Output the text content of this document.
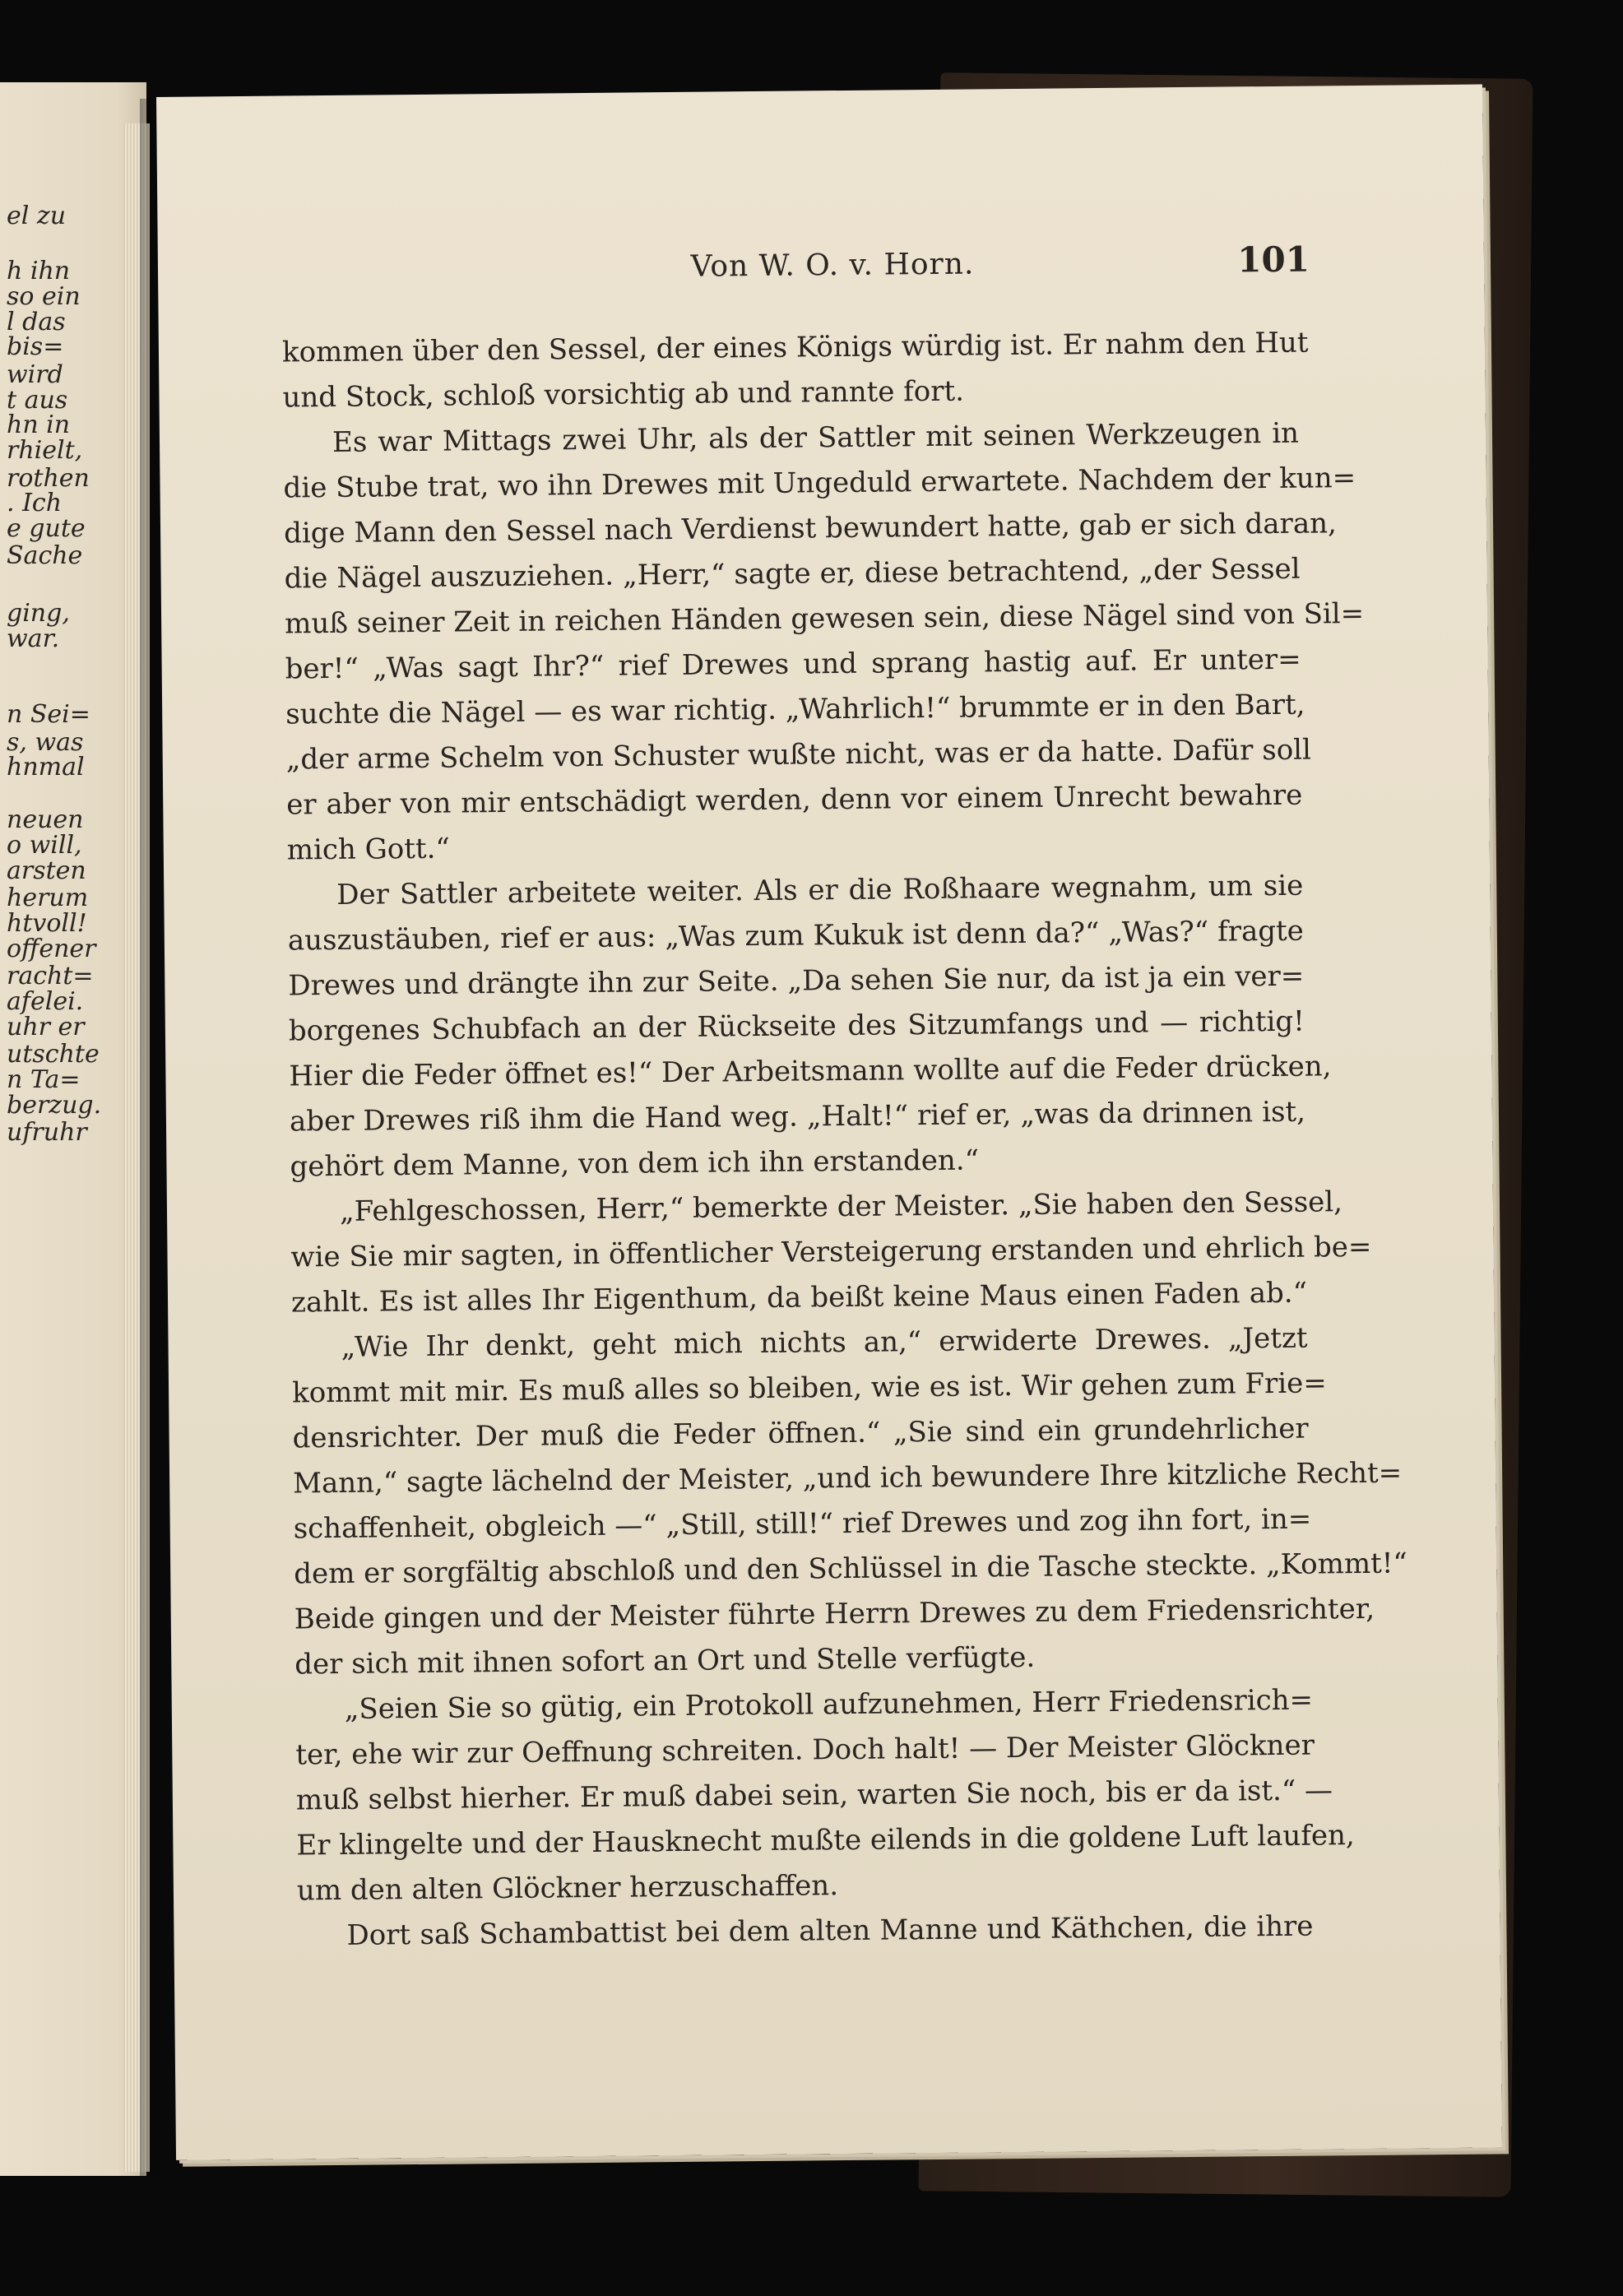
el zu
h ihn
so ein
l das
bis=
wird
t aus
hn in
rhielt,
rothen
. Ich
e gute
Sache
ging,
war.
n Sei=
s, was
hnmal
neuen
o will,
arsten
herum
htvoll!
offener
racht=
afelei.
uhr er
utschte
n Ta=
berzug.
ufruhr
Von W. O. v. Horn.	101
kommen über den Sessel, der eines Königs würdig ist. Er nahm den Hut
und Stock, schloß vorsichtig ab und rannte fort.
Es war Mittags zwei Uhr, als der Sattler mit seinen Werkzeugen in
die Stube trat, wo ihn Drewes mit Ungeduld erwartete. Nachdem der kun=
dige Mann den Sessel nach Verdienst bewundert hatte, gab er sich daran,
die Nägel auszuziehen. „Herr,“ sagte er, diese betrachtend, „der Sessel
muß seiner Zeit in reichen Händen gewesen sein, diese Nägel sind von Sil=
ber!“ „Was sagt Ihr?“ rief Drewes und sprang hastig auf. Er unter=
suchte die Nägel — es war richtig. „Wahrlich!“ brummte er in den Bart,
„der arme Schelm von Schuster wußte nicht, was er da hatte. Dafür soll
er aber von mir entschädigt werden, denn vor einem Unrecht bewahre
mich Gott.“
Der Sattler arbeitete weiter. Als er die Roßhaare wegnahm, um sie
auszustäuben, rief er aus: „Was zum Kukuk ist denn da?“ „Was?“ fragte
Drewes und drängte ihn zur Seite. „Da sehen Sie nur, da ist ja ein ver=
borgenes Schubfach an der Rückseite des Sitzumfangs und — richtig!
Hier die Feder öffnet es!“ Der Arbeitsmann wollte auf die Feder drücken,
aber Drewes riß ihm die Hand weg. „Halt!“ rief er, „was da drinnen ist,
gehört dem Manne, von dem ich ihn erstanden.“
„Fehlgeschossen, Herr,“ bemerkte der Meister. „Sie haben den Sessel,
wie Sie mir sagten, in öffentlicher Versteigerung erstanden und ehrlich be=
zahlt. Es ist alles Ihr Eigenthum, da beißt keine Maus einen Faden ab.“
„Wie Ihr denkt, geht mich nichts an,“ erwiderte Drewes. „Jetzt
kommt mit mir. Es muß alles so bleiben, wie es ist. Wir gehen zum Frie=
densrichter. Der muß die Feder öffnen.“ „Sie sind ein grundehrlicher
Mann,“ sagte lächelnd der Meister, „und ich bewundere Ihre kitzliche Recht=
schaffenheit, obgleich —“ „Still, still!“ rief Drewes und zog ihn fort, in=
dem er sorgfältig abschloß und den Schlüssel in die Tasche steckte. „Kommt!“
Beide gingen und der Meister führte Herrn Drewes zu dem Friedensrichter,
der sich mit ihnen sofort an Ort und Stelle verfügte.
„Seien Sie so gütig, ein Protokoll aufzunehmen, Herr Friedensrich=
ter, ehe wir zur Oeffnung schreiten. Doch halt! — Der Meister Glöckner
muß selbst hierher. Er muß dabei sein, warten Sie noch, bis er da ist.“ —
Er klingelte und der Hausknecht mußte eilends in die goldene Luft laufen,
um den alten Glöckner herzuschaffen.
Dort saß Schambattist bei dem alten Manne und Käthchen, die ihre
